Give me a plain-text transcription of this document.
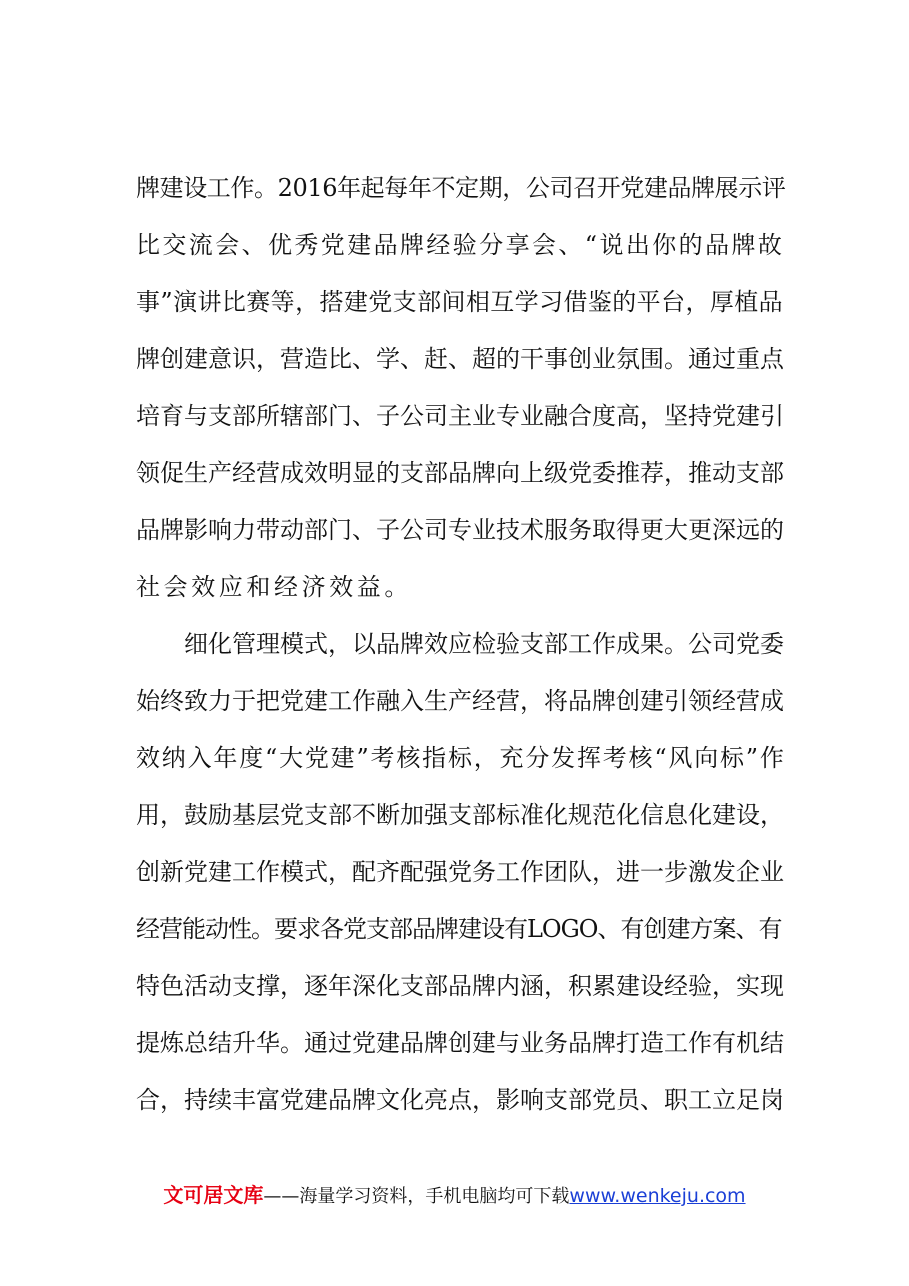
牌建设工作。2016年起每年不定期，公司召开党建品牌展示评
比交流会、优秀党建品牌经验分享会、“说出你的品牌故
事”演讲比赛等，搭建党支部间相互学习借鉴的平台，厚植品
牌创建意识，营造比、学、赶、超的干事创业氛围。通过重点
培育与支部所辖部门、子公司主业专业融合度高，坚持党建引
领促生产经营成效明显的支部品牌向上级党委推荐，推动支部
品牌影响力带动部门、子公司专业技术服务取得更大更深远的
社会效应和经济效益。
细化管理模式，以品牌效应检验支部工作成果。公司党委
始终致力于把党建工作融入生产经营，将品牌创建引领经营成
效纳入年度“大党建”考核指标，充分发挥考核“风向标”作
用，鼓励基层党支部不断加强支部标准化规范化信息化建设，
创新党建工作模式，配齐配强党务工作团队，进一步激发企业
经营能动性。要求各党支部品牌建设有LOGO、有创建方案、有
特色活动支撑，逐年深化支部品牌内涵，积累建设经验，实现
提炼总结升华。通过党建品牌创建与业务品牌打造工作有机结
合，持续丰富党建品牌文化亮点，影响支部党员、职工立足岗
文可居文库——海量学习资料，手机电脑均可下载www.wenkeju.com
